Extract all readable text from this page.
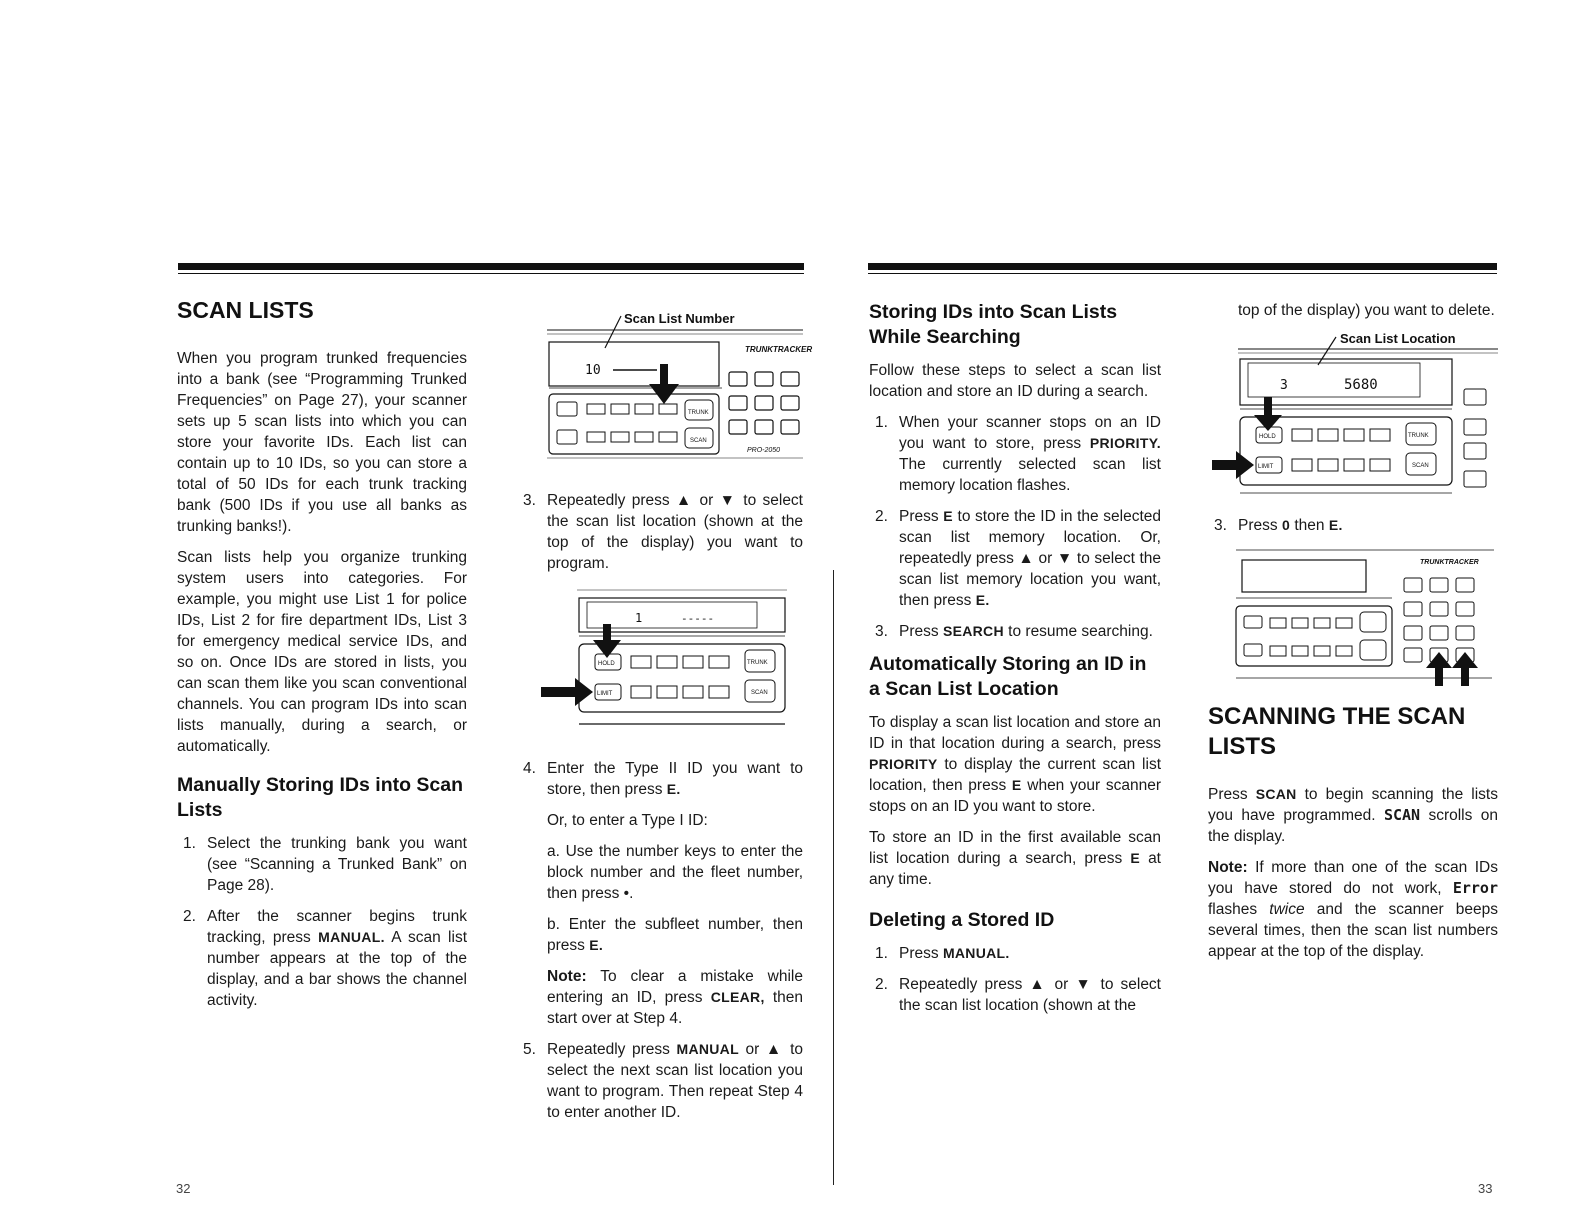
SCAN LISTS

When you program trunked frequencies into a bank (see “Programming Trunked Frequencies” on Page 27), your scanner sets up 5 scan lists into which you can store your favorite IDs. Each list can contain up to 10 IDs, so you can store a total of 50 IDs for each trunk tracking bank (500 IDs if you use all banks as trunking banks!).

Scan lists help you organize trunking system users into categories. For example, you might use List 1 for police IDs, List 2 for fire department IDs, List 3 for emergency medical service IDs, and so on. Once IDs are stored in lists, you can scan them like you scan conventional channels. You can program IDs into scan lists manually, during a search, or automatically.

Manually Storing IDs into Scan Lists
1. Select the trunking bank you want (see “Scanning a Trunked Bank” on Page 28).
2. After the scanner begins trunk tracking, press MANUAL. A scan list number appears at the top of the display, and a bar shows the channel activity.
Scan List Number
10
TRUNKTRACKER
TRUNK
SCAN
PRO-2050
3. Repeatedly press ▲ or ▼ to select the scan list location (shown at the top of the display) you want to program.
1	-----
HOLD
LIMIT
TRUNK
SCAN
4. Enter the Type II ID you want to store, then press E.
Or, to enter a Type I ID:
a. Use the number keys to enter the block number and the fleet number, then press •.
b. Enter the subfleet number, then press E.
Note: To clear a mistake while entering an ID, press CLEAR, then start over at Step 4.
5. Repeatedly press MANUAL or ▲ to select the next scan list location you want to program. Then repeat Step 4 to enter another ID.
Storing IDs into Scan Lists While Searching

Follow these steps to select a scan list location and store an ID during a search.

1. When your scanner stops on an ID you want to store, press PRIORITY. The currently selected scan list memory location flashes.
2. Press E to store the ID in the selected scan list memory location. Or, repeatedly press ▲ or ▼ to select the scan list memory location you want, then press E.
3. Press SEARCH to resume searching.
Automatically Storing an ID in a Scan List Location

To display a scan list location and store an ID in that location during a search, press PRIORITY to display the current scan list location, then press E when your scanner stops on an ID you want to store.

To store an ID in the first available scan list location during a search, press E at any time.

Deleting a Stored ID
1. Press MANUAL.
2. Repeatedly press ▲ or ▼ to select the scan list location (shown at the

top of the display) you want to delete.

Scan List Location
3	5680
HOLD
LIMIT
TRUNK
SCAN
3. Press 0 then E.
TRUNKTRACKER
SCANNING THE SCAN LISTS

Press SCAN to begin scanning the lists you have programmed. SCAN scrolls on the display.

Note: If more than one of the scan IDs you have stored do not work, Error flashes twice and the scanner beeps several times, then the scan list numbers appear at the top of the display.

32	33
